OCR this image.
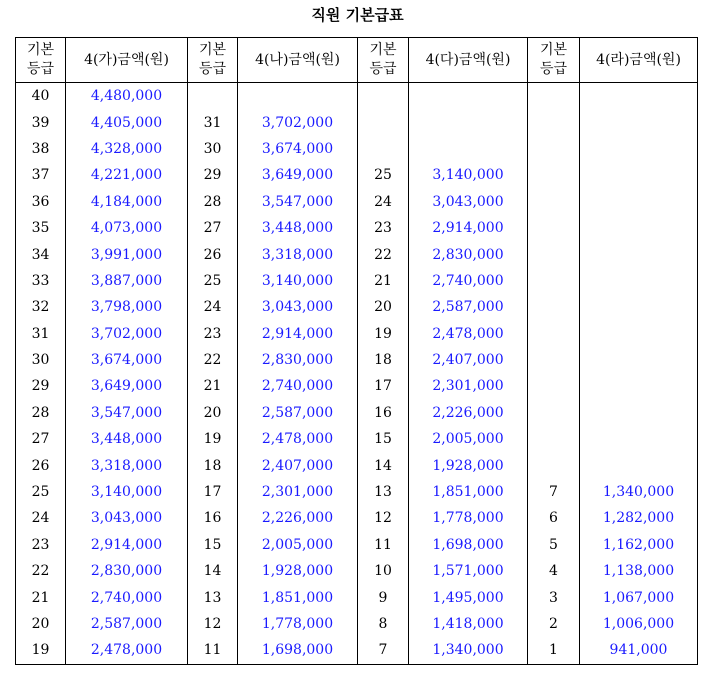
직원 기본급표
기본
등급	4(가)금액(원)	기본
등급	4(나)금액(원)	기본
등급	4(다)금액(원)	기본
등급	4(라)금액(원)
40	4,480,000						
39	4,405,000	31	3,702,000				
38	4,328,000	30	3,674,000				
37	4,221,000	29	3,649,000	25	3,140,000		
36	4,184,000	28	3,547,000	24	3,043,000		
35	4,073,000	27	3,448,000	23	2,914,000		
34	3,991,000	26	3,318,000	22	2,830,000		
33	3,887,000	25	3,140,000	21	2,740,000		
32	3,798,000	24	3,043,000	20	2,587,000		
31	3,702,000	23	2,914,000	19	2,478,000		
30	3,674,000	22	2,830,000	18	2,407,000		
29	3,649,000	21	2,740,000	17	2,301,000		
28	3,547,000	20	2,587,000	16	2,226,000		
27	3,448,000	19	2,478,000	15	2,005,000		
26	3,318,000	18	2,407,000	14	1,928,000		
25	3,140,000	17	2,301,000	13	1,851,000	7	1,340,000
24	3,043,000	16	2,226,000	12	1,778,000	6	1,282,000
23	2,914,000	15	2,005,000	11	1,698,000	5	1,162,000
22	2,830,000	14	1,928,000	10	1,571,000	4	1,138,000
21	2,740,000	13	1,851,000	9	1,495,000	3	1,067,000
20	2,587,000	12	1,778,000	8	1,418,000	2	1,006,000
19	2,478,000	11	1,698,000	7	1,340,000	1	941,000
